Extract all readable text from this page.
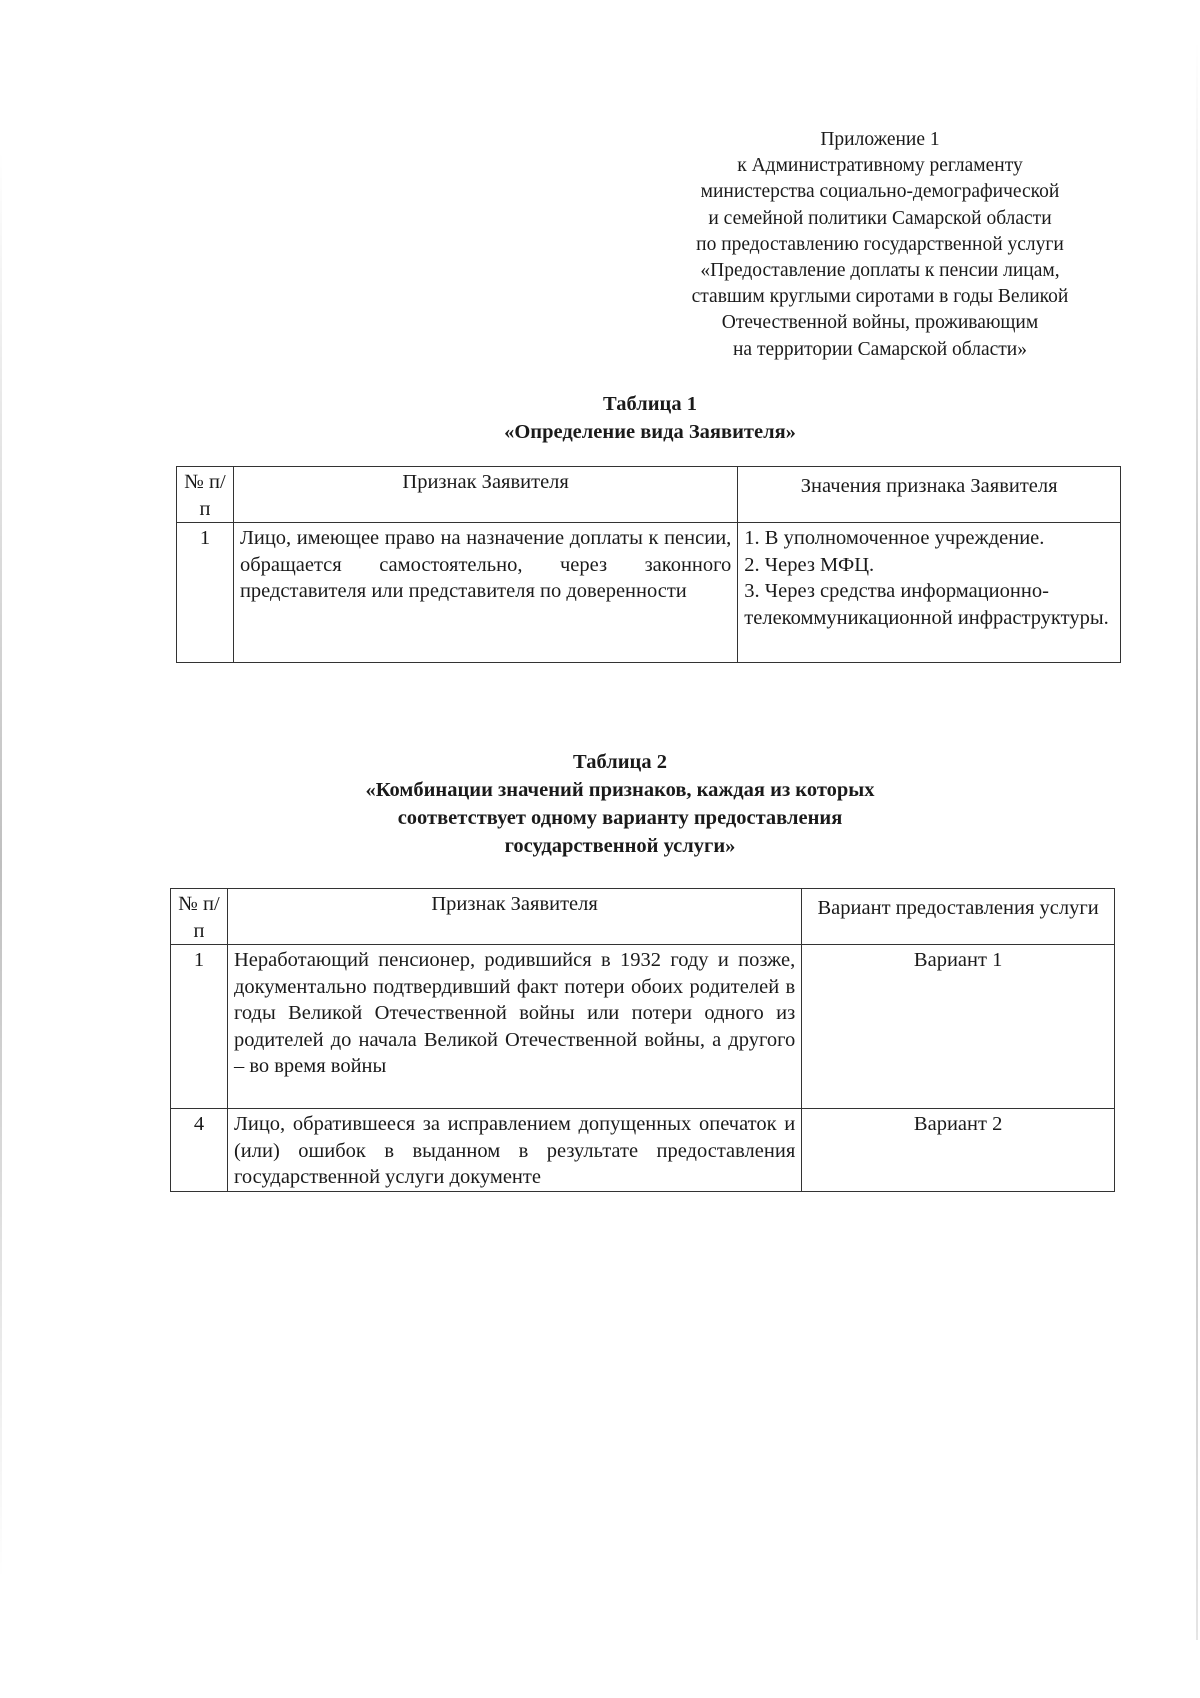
Приложение 1
к Административному регламенту
министерства социально-демографической
и семейной политики Самарской области
по предоставлению государственной услуги
«Предоставление доплаты к пенсии лицам,
ставшим круглыми сиротами в годы Великой
Отечественной войны, проживающим
на территории Самарской области»
Таблица 1
«Определение вида Заявителя»
№ п/п	Признак Заявителя	Значения признака Заявителя
1	Лицо, имеющее право на назначение доплаты к пенсии, обращается самостоятельно, через законного представителя или представителя по доверенности	1. В уполномоченное учреждение.
2. Через МФЦ.
3. Через средства информационно-телекоммуникационной инфраструктуры.
Таблица 2
«Комбинации значений признаков, каждая из которых
соответствует одному варианту предоставления
государственной услуги»
№ п/п	Признак Заявителя	Вариант предоставления услуги
1	Неработающий пенсионер, родившийся в 1932 году и позже, документально подтвердивший факт потери обоих родителей в годы Великой Отечественной войны или потери одного из родителей до начала Великой Отечественной войны, а другого – во время войны	Вариант 1
4	Лицо, обратившееся за исправлением допущенных опечаток и (или) ошибок в выданном в результате предоставления государственной услуги документе	Вариант 2
